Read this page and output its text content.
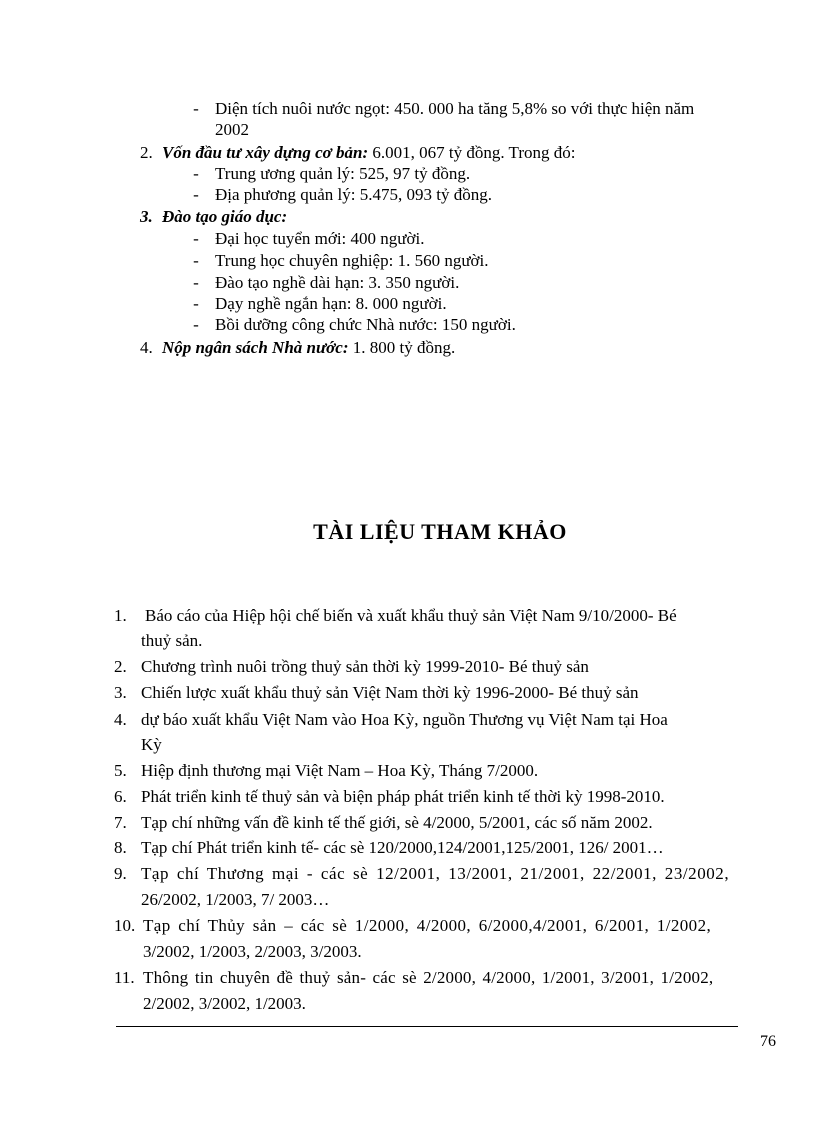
- Diện tích nuôi nước ngọt: 450. 000 ha tăng 5,8% so với thực hiện năm
2002
2. Vốn đầu tư xây dựng cơ bản: 6.001, 067 tỷ đồng. Trong đó:
- Trung ương quản lý: 525, 97 tỷ đồng.
- Địa phương quản lý: 5.475, 093 tỷ đồng.
3. Đào tạo giáo dục:
- Đại học tuyển mới: 400 người.
- Trung học chuyên nghiệp: 1. 560 người.
- Đào tạo nghề dài hạn: 3. 350 người.
- Dạy nghề ngắn hạn: 8. 000 người.
- Bồi dưỡng công chức Nhà nước: 150 người.
4. Nộp ngân sách Nhà nước: 1. 800 tỷ đồng.
TÀI LIỆU THAM KHẢO
1. Báo cáo của Hiệp hội chế biến và xuất khẩu thuỷ sản Việt Nam 9/10/2000- Bé
thuỷ sản.
2. Chương trình nuôi trồng thuỷ sản thời kỳ 1999-2010- Bé thuỷ sản
3. Chiến lược xuất khẩu thuỷ sản Việt Nam thời kỳ 1996-2000- Bé thuỷ sản
4. dự báo xuất khẩu Việt Nam vào Hoa Kỳ, nguồn Thương vụ Việt Nam tại Hoa
Kỳ
5. Hiệp định thương mại Việt Nam – Hoa Kỳ, Tháng 7/2000.
6. Phát triển kinh tế thuỷ sản và biện pháp phát triển kinh tế thời kỳ 1998-2010.
7. Tạp chí những vấn đề kinh tế thế giới, sè 4/2000, 5/2001, các số năm 2002.
8. Tạp chí Phát triển kinh tế- các sè 120/2000,124/2001,125/2001, 126/ 2001…
9. Tạp chí Thương mại - các sè 12/2001, 13/2001, 21/2001, 22/2001, 23/2002,
26/2002, 1/2003, 7/ 2003…
10. Tạp chí Thủy sản – các sè 1/2000, 4/2000, 6/2000,4/2001, 6/2001, 1/2002,
3/2002, 1/2003, 2/2003, 3/2003.
11. Thông tin chuyên đề thuỷ sản- các sè 2/2000, 4/2000, 1/2001, 3/2001, 1/2002,
2/2002, 3/2002, 1/2003.
76
